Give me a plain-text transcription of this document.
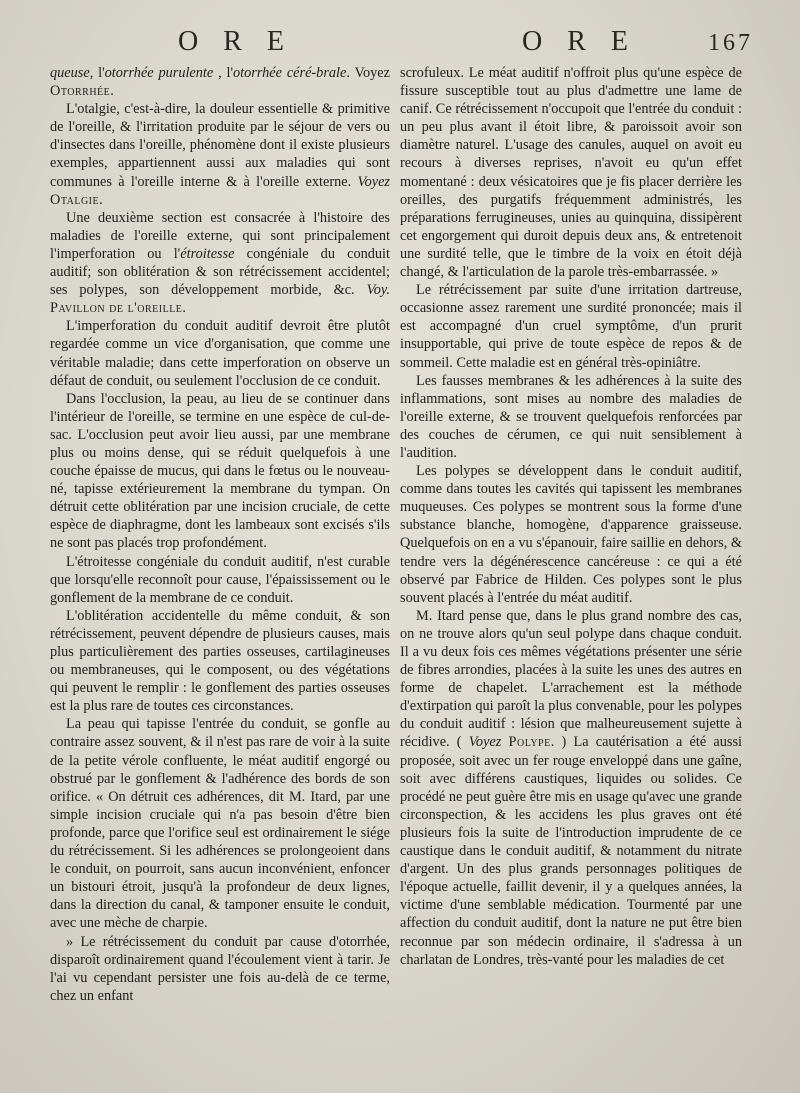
O R E	O R E	167

queuse, l'otorrhée purulente , l'otorrhée céré-brale. Voyez Otorrhée.

L'otalgie, c'est-à-dire, la douleur essentielle & primitive de l'oreille, & l'irritation produite par le séjour de vers ou d'insectes dans l'oreille, phénomène dont il existe plusieurs exemples, appartiennent aussi aux maladies qui sont communes à l'oreille interne & à l'oreille externe. Voyez Otalgie.

Une deuxième section est consacrée à l'histoire des maladies de l'oreille externe, qui sont principalement l'imperforation ou l'étroitesse congéniale du conduit auditif; son oblitération & son rétrécissement accidentel; ses polypes, son développement morbide, &c. Voy. Pavillon de l'oreille.

L'imperforation du conduit auditif devroit être plutôt regardée comme un vice d'organisation, que comme une véritable maladie; dans cette imperforation on observe un défaut de conduit, ou seulement l'occlusion de ce conduit.

Dans l'occlusion, la peau, au lieu de se continuer dans l'intérieur de l'oreille, se termine en une espèce de cul-de-sac. L'occlusion peut avoir lieu aussi, par une membrane plus ou moins dense, qui se réduit quelquefois à une couche épaisse de mucus, qui dans le fœtus ou le nouveau-né, tapisse extérieurement la membrane du tympan. On détruit cette oblitération par une incision cruciale, de cette espèce de diaphragme, dont les lambeaux sont excisés s'ils ne sont pas placés trop profondément.

L'étroitesse congéniale du conduit auditif, n'est curable que lorsqu'elle reconnoît pour cause, l'épaississement ou le gonflement de la membrane de ce conduit.

L'oblitération accidentelle du même conduit, & son rétrécissement, peuvent dépendre de plusieurs causes, mais plus particulièrement des parties osseuses, cartilagineuses ou membraneuses, qui le composent, ou des végétations qui peuvent le remplir : le gonflement des parties osseuses est la plus rare de toutes ces circonstances.

La peau qui tapisse l'entrée du conduit, se gonfle au contraire assez souvent, & il n'est pas rare de voir à la suite de la petite vérole confluente, le méat auditif engorgé ou obstrué par le gonflement & l'adhérence des bords de son orifice. « On détruit ces adhérences, dit M. Itard, par une simple incision cruciale qui n'a pas besoin d'être bien profonde, parce que l'orifice seul est ordinairement le siége du rétrécissement. Si les adhérences se prolongeoient dans le conduit, on pourroit, sans aucun inconvénient, enfoncer un bistouri étroit, jusqu'à la profondeur de deux lignes, dans la direction du canal, & tamponer ensuite le conduit, avec une mèche de charpie.

» Le rétrécissement du conduit par cause d'otorrhée, disparoît ordinairement quand l'écoulement vient à tarir. Je l'ai vu cependant persister une fois au-delà de ce terme, chez un enfant

scrofuleux. Le méat auditif n'offroit plus qu'une espèce de fissure susceptible tout au plus d'admettre une lame de canif. Ce rétrécissement n'occupoit que l'entrée du conduit : un peu plus avant il étoit libre, & paroissoit avoir son diamètre naturel. L'usage des canules, auquel on avoit eu recours à diverses reprises, n'avoit eu qu'un effet momentané : deux vésicatoires que je fis placer derrière les oreilles, des purgatifs fréquemment administrés, les préparations ferrugineuses, unies au quinquina, dissipèrent cet engorgement qui duroit depuis deux ans, & entretenoit une surdité telle, que le timbre de la voix en étoit déjà changé, & l'articulation de la parole très-embarrassée. »

Le rétrécissement par suite d'une irritation dartreuse, occasionne assez rarement une surdité prononcée; mais il est accompagné d'un cruel symptôme, d'un prurit insupportable, qui prive de toute espèce de repos & de sommeil. Cette maladie est en général très-opiniâtre.

Les fausses membranes & les adhérences à la suite des inflammations, sont mises au nombre des maladies de l'oreille externe, & se trouvent quelquefois renforcées par des couches de cérumen, ce qui nuit sensiblement à l'audition.

Les polypes se développent dans le conduit auditif, comme dans toutes les cavités qui tapissent les membranes muqueuses. Ces polypes se montrent sous la forme d'une substance blanche, homogène, d'apparence graisseuse. Quelquefois on en a vu s'épanouir, faire saillie en dehors, & tendre vers la dégénérescence cancéreuse : ce qui a été observé par Fabrice de Hilden. Ces polypes sont le plus souvent placés à l'entrée du méat auditif.

M. Itard pense que, dans le plus grand nombre des cas, on ne trouve alors qu'un seul polype dans chaque conduit. Il a vu deux fois ces mêmes végétations présenter une série de fibres arrondies, placées à la suite les unes des autres en forme de chapelet. L'arrachement est la méthode d'extirpation qui paroît la plus convenable, pour les polypes du conduit auditif : lésion que malheureusement sujette à récidive. ( Voyez Polype. ) La cautérisation a été aussi proposée, soit avec un fer rouge enveloppé dans une gaîne, soit avec différens caustiques, liquides ou solides. Ce procédé ne peut guère être mis en usage qu'avec une grande circonspection, & les accidens les plus graves ont été plusieurs fois la suite de l'introduction imprudente de ce caustique dans le conduit auditif, & notamment du nitrate d'argent. Un des plus grands personnages politiques de l'époque actuelle, faillit devenir, il y a quelques années, la victime d'une semblable médication. Tourmenté par une affection du conduit auditif, dont la nature ne put être bien reconnue par son médecin ordinaire, il s'adressa à un charlatan de Londres, très-vanté pour les maladies de cet
